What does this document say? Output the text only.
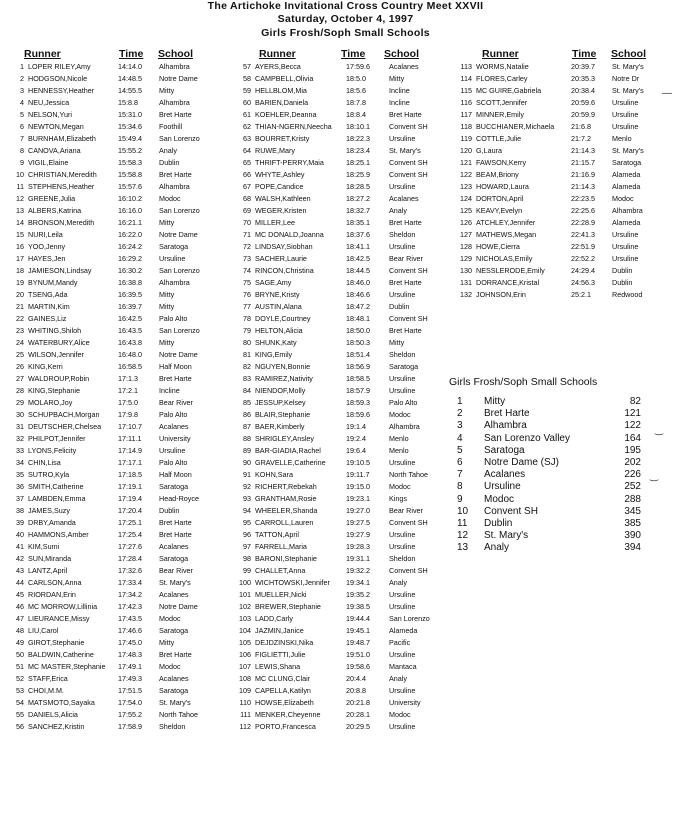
The Artichoke Invitational Cross Country Meet XXVII
Saturday, October 4, 1997
Girls Frosh/Soph Small Schools
Runner	Time School
1 LOPER RILEY,Amy	14:14.0	Alhambra
2 HODGSON,Nicole	14:48.5	Notre Dame
3 HENNESSY,Heather	14:55.5	Mitty
4 NEU,Jessica	15:8.8	Alhambra
5 NELSON,Yuri	15:31.0	Bret Harte
6 NEWTON,Megan	15:34.6	Foothill
7 BURNHAM,Elizabeth	15:49.4	San Lorenzo
8 CANOVA,Ariana	15:55.2	Analy
9 VIGIL,Elaine	15:58.3	Dublin
10 CHRISTIAN,Meredith	15:58.8	Bret Harte
11 STEPHENS,Heather	15:57.6	Alhambra
12 GREENE,Julia	16:10.2	Modoc
13 ALBERS,Katrina	16:16.0	San Lorenzo
14 BRONSON,Meredith	16:21.1	Mitty
15 NURI,Leila	16:22.0	Notre Dame
16 YOO,Jenny	16:24.2	Saratoga
17 HAYES,Jen	16:29.2	Ursuline
18 JAMIESON,Lindsay	16:30.2	San Lorenzo
19 BYNUM,Mandy	16:38.8	Alhambra
20 TSENG,Ada	16:39.5	Mitty
21 MARTIN,Kim	16:39.7	Mitty
22 GAINES,Liz	16:42.5	Palo Alto
23 WHITING,Shiloh	16:43.5	San Lorenzo
24 WATERBURY,Alice	16:43.8	Mitty
25 WILSON,Jennifer	16:48.0	Notre Dame
26 KING,Kerri	16:58.5	Half Moon
27 WALDROUP,Robin	17:1.3	Bret Harte
28 KING,Stephanie	17:2.1	Incline
29 MOLARO,Joy	17:5.0	Bear River
30 SCHUPBACH,Morgan	17:9.8	Palo Alto
31 DEUTSCHER,Chelsea	17:10.7	Acalanes
32 PHILPOT,Jennifer	17:11.1	University
33 LYONS,Felicity	17:14.9	Ursuline
34 CHIN,Lisa	17:17.1	Palo Alto
35 SUTRO,Kyla	17:18.5	Half Moon
36 SMITH,Catherine	17:19.1	Saratoga
37 LAMBDEN,Emma	17:19.4	Head-Royce
38 JAMES,Suzy	17:20.4	Dublin
39 DRBY,Amanda	17:25.1	Bret Harte
40 HAMMONS,Amber	17:25.4	Bret Harte
41 KIM,Sumi	17:27.6	Acalanes
42 SUN,Miranda	17:28.4	Saratoga
43 LANTZ,April	17:32.6	Bear River
44 CARLSON,Anna	17:33.4	St. Mary's
45 RIORDAN,Erin	17:34.2	Acalanes
46 MC MORROW,Lillinia	17:42.3	Notre Dame
47 LIEURANCE,Missy	17:43.5	Modoc
48 LIU,Carol	17:46.6	Saratoga
49 GIROT,Stephanie	17:45.0	Mitty
50 BALDWIN,Catherine	17:48.3	Bret Harte
51 MC MASTER,Stephanie	17:49.1	Modoc
52 STAFF,Erica	17:49.3	Acalanes
53 CHOI,M.M.	17:51.5	Saratoga
54 MATSMOTO,Sayaka	17:54.0	St. Mary's
55 DANIELS,Alicia	17:55.2	North Tahoe
56 SANCHEZ,Kristin	17:58.9	Sheldon
Runner	Time School
57 AYERS,Becca	17:59.6	Acalanes
58 CAMPBELL,Olivia	18:5.0	Mitty
59 HELLBLOM,Mia	18:5.6	Incline
60 BARIEN,Daniela	18:7.8	Incline
61 KOEHLER,Deanna	18:8.4	Bret Harte
62 THIAN-NGERN,Neecha	18:10.1	Convent SH
63 BOURRET,Kristy	18:22.3	Ursuline
64 RUWE,Mary	18:23.4	St. Mary's
65 THRIFT-PERRY,Maia	18:25.1	Convent SH
66 WHYTE,Ashley	18:25.9	Convent SH
67 POPE,Candice	18:28.5	Ursuline
68 WALSH,Kathleen	18:27.2	Acalanes
69 WEGER,Kristen	18:32.7	Analy
70 MILLER,Lee	18:35.1	Bret Harte
71 MC DONALD,Joanna	18:37.6	Sheldon
72 LINDSAY,Siobhan	18:41.1	Ursuline
73 SACHER,Laurie	18:42.5	Bear River
74 RINCON,Christina	18:44.5	Convent SH
75 SAGE,Amy	18:46.0	Bret Harte
76 BRYNE,Kristy	18:46.6	Ursuline
77 AUSTIN,Alana	18:47.2	Dublin
78 DOYLE,Courtney	18:48.1	Convent SH
79 HELTON,Alicia	18:50.0	Bret Harte
80 SHUNK,Katy	18:50.3	Mitty
81 KING,Emily	18:51.4	Sheldon
82 NGUYEN,Bonnie	18:56.9	Saratoga
83 RAMIREZ,Nativity	18:58.5	Ursuline
84 NIENDOF,Molly	18:57.9	Ursuline
85 JESSUP,Kelsey	18:59.3	Palo Alto
86 BLAIR,Stephanie	18:59.6	Modoc
87 BAER,Kimberly	19:1.4	Alhambra
88 SHRIGLEY,Ansley	19:2.4	Menlo
89 BAR-GIADIA,Rachel	19:6.4	Menlo
90 GRAVELLE,Catherine	19:10.5	Ursuline
91 KOHN,Sara	19:11.7	North Tahoe
92 RICHERT,Rebekah	19:15.0	Modoc
93 GRANTHAM,Rosie	19:23.1	Kings
94 WHEELER,Shanda	19:27.0	Bear River
95 CARROLL,Lauren	19:27.5	Convent SH
96 TATTON,April	19:27.9	Ursuline
97 FARRELL,Maria	19:28.3	Ursuline
98 BARONI,Stephanie	19:31.1	Sheldon
99 CHALLET,Anna	19:32.2	Convent SH
100 WICHTOWSKI,Jennifer	19:34.1	Analy
101 MUELLER,Nicki	19:35.2	Ursuline
102 BREWER,Stephanie	19:38.5	Ursuline
103 LADD,Carly	19:44.4	San Lorenzo
104 JAZMIN,Janice	19:45.1	Alameda
105 DEJDZINSKI,Nika	19:48.7	Pacific
106 FIGLIETTI,Julie	19:51.0	Ursuline
107 LEWIS,Shana	19:58.6	Mantaca
108 MC CLUNG,Clair	20:4.4	Analy
109 CAPELLA,Katilyn	20:8.8	Ursuline
110 HOWSE,Elizabeth	20:21.8	University
111 MENKER,Cheyenne	20:28.1	Modoc
112 PORTO,Francesca	20:29.5	Ursuline
Runner	Time School
113 WORMS,Natalie	20:39.7	St. Mary's
114 FLORES,Carley	20:35.3	Notre Dr
115 MC GUIRE,Gabriela	20:38.4	St. Mary's
116 SCOTT,Jennifer	20:59.6	Ursuline
117 MINNER,Emily	20:59.9	Ursuline
118 BUCCHIANER,Michaela	21:6.8	Ursuline
119 COTTLE,Julie	21:7.2	Menlo
120 G,Laura	21:14.3	St. Mary's
121 FAWSON,Kerry	21:15.7	Saratoga
122 BEAM,Briony	21:16.9	Alameda
123 HOWARD,Laura	21:14.3	Alameda
124 DORTON,April	22:23.5	Modoc
125 KEAVY,Evelyn	22:25.6	Alhambra
126 ATCHLEY,Jennifer	22:28.9	Alameda
127 MATHEWS,Megan	22:41.3	Ursuline
128 HOWE,Cierra	22:51.9	Ursuline
129 NICHOLAS,Emily	22:52.2	Ursuline
130 NESSLERODE,Emily	24:29.4	Dublin
131 DORRANCE,Kristal	24:56.3	Dublin
132 JOHNSON,Erin	25:2.1	Redwood
Girls Frosh/Soph Small Schools
1 Mitty	82
2 Bret Harte	121
3 Alhambra	122
4 San Lorenzo Valley	164
5 Saratoga	195
6 Notre Dame (SJ)	202
7 Acalanes	226
8 Ursuline	252
9 Modoc	288
10 Convent SH	345
11 Dublin	385
12 St. Mary's	390
13 Analy	394
—
‿
‿
